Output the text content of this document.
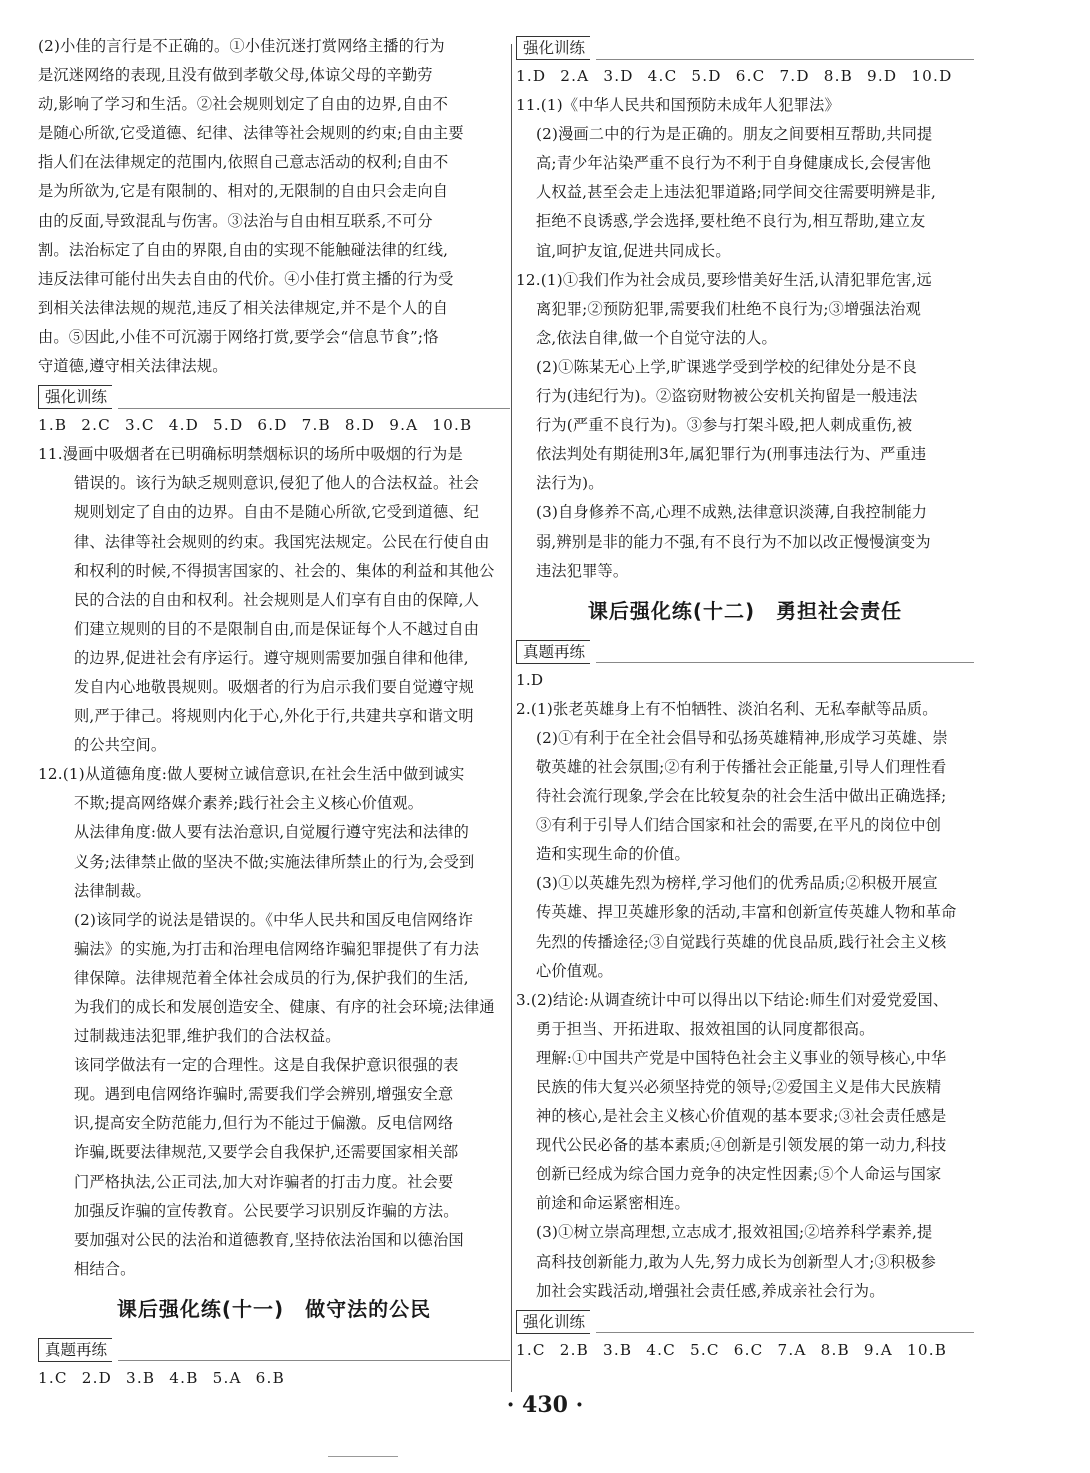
(2)小佳的言行是不正确的。①小佳沉迷打赏网络主播的行为
是沉迷网络的表现,且没有做到孝敬父母,体谅父母的辛勤劳
动,影响了学习和生活。②社会规则划定了自由的边界,自由不
是随心所欲,它受道德、纪律、法律等社会规则的约束;自由主要
指人们在法律规定的范围内,依照自己意志活动的权利;自由不
是为所欲为,它是有限制的、相对的,无限制的自由只会走向自
由的反面,导致混乱与伤害。③法治与自由相互联系,不可分
割。法治标定了自由的界限,自由的实现不能触碰法律的红线,
违反法律可能付出失去自由的代价。④小佳打赏主播的行为受
到相关法律法规的规范,违反了相关法律规定,并不是个人的自
由。⑤因此,小佳不可沉溺于网络打赏,要学会“信息节食”;恪
守道德,遵守相关法律法规。
强化训练
1.B 2.C 3.C 4.D 5.D 6.D 7.B 8.D 9.A 10.B
11.漫画中吸烟者在已明确标明禁烟标识的场所中吸烟的行为是
错误的。该行为缺乏规则意识,侵犯了他人的合法权益。社会
规则划定了自由的边界。自由不是随心所欲,它受到道德、纪
律、法律等社会规则的约束。我国宪法规定。公民在行使自由
和权利的时候,不得损害国家的、社会的、集体的利益和其他公
民的合法的自由和权利。社会规则是人们享有自由的保障,人
们建立规则的目的不是限制自由,而是保证每个人不越过自由
的边界,促进社会有序运行。遵守规则需要加强自律和他律,
发自内心地敬畏规则。吸烟者的行为启示我们要自觉遵守规
则,严于律己。将规则内化于心,外化于行,共建共享和谐文明
的公共空间。
12.(1)从道德角度:做人要树立诚信意识,在社会生活中做到诚实
不欺;提高网络媒介素养;践行社会主义核心价值观。
从法律角度:做人要有法治意识,自觉履行遵守宪法和法律的
义务;法律禁止做的坚决不做;实施法律所禁止的行为,会受到
法律制裁。
(2)该同学的说法是错误的。《中华人民共和国反电信网络诈
骗法》的实施,为打击和治理电信网络诈骗犯罪提供了有力法
律保障。法律规范着全体社会成员的行为,保护我们的生活,
为我们的成长和发展创造安全、健康、有序的社会环境;法律通
过制裁违法犯罪,维护我们的合法权益。
该同学做法有一定的合理性。这是自我保护意识很强的表
现。遇到电信网络诈骗时,需要我们学会辨别,增强安全意
识,提高安全防范能力,但行为不能过于偏激。反电信网络
诈骗,既要法律规范,又要学会自我保护,还需要国家相关部
门严格执法,公正司法,加大对诈骗者的打击力度。社会要
加强反诈骗的宣传教育。公民要学习识别反诈骗的方法。
要加强对公民的法治和道德教育,坚持依法治国和以德治国
相结合。
课后强化练(十一)　做守法的公民
真题再练
1.C 2.D 3.B 4.B 5.A 6.B
强化训练
1.D 2.A 3.D 4.C 5.D 6.C 7.D 8.B 9.D 10.D
11.(1)《中华人民共和国预防未成年人犯罪法》
(2)漫画二中的行为是正确的。朋友之间要相互帮助,共同提
高;青少年沾染严重不良行为不利于自身健康成长,会侵害他
人权益,甚至会走上违法犯罪道路;同学间交往需要明辨是非,
拒绝不良诱惑,学会选择,要杜绝不良行为,相互帮助,建立友
谊,呵护友谊,促进共同成长。
12.(1)①我们作为社会成员,要珍惜美好生活,认清犯罪危害,远
离犯罪;②预防犯罪,需要我们杜绝不良行为;③增强法治观
念,依法自律,做一个自觉守法的人。
(2)①陈某无心上学,旷课逃学受到学校的纪律处分是不良
行为(违纪行为)。②盗窃财物被公安机关拘留是一般违法
行为(严重不良行为)。③参与打架斗殴,把人刺成重伤,被
依法判处有期徒刑3年,属犯罪行为(刑事违法行为、严重违
法行为)。
(3)自身修养不高,心理不成熟,法律意识淡薄,自我控制能力
弱,辨别是非的能力不强,有不良行为不加以改正慢慢演变为
违法犯罪等。
课后强化练(十二)　勇担社会责任
真题再练
1.D
2.(1)张老英雄身上有不怕牺牲、淡泊名利、无私奉献等品质。
(2)①有利于在全社会倡导和弘扬英雄精神,形成学习英雄、崇
敬英雄的社会氛围;②有利于传播社会正能量,引导人们理性看
待社会流行现象,学会在比较复杂的社会生活中做出正确选择;
③有利于引导人们结合国家和社会的需要,在平凡的岗位中创
造和实现生命的价值。
(3)①以英雄先烈为榜样,学习他们的优秀品质;②积极开展宣
传英雄、捍卫英雄形象的活动,丰富和创新宣传英雄人物和革命
先烈的传播途径;③自觉践行英雄的优良品质,践行社会主义核
心价值观。
3.(2)结论:从调查统计中可以得出以下结论:师生们对爱党爱国、
勇于担当、开拓进取、报效祖国的认同度都很高。
理解:①中国共产党是中国特色社会主义事业的领导核心,中华
民族的伟大复兴必须坚持党的领导;②爱国主义是伟大民族精
神的核心,是社会主义核心价值观的基本要求;③社会责任感是
现代公民必备的基本素质;④创新是引领发展的第一动力,科技
创新已经成为综合国力竞争的决定性因素;⑤个人命运与国家
前途和命运紧密相连。
(3)①树立崇高理想,立志成才,报效祖国;②培养科学素养,提
高科技创新能力,敢为人先,努力成长为创新型人才;③积极参
加社会实践活动,增强社会责任感,养成亲社会行为。
强化训练
1.C 2.B 3.B 4.C 5.C 6.C 7.A 8.B 9.A 10.B
· 430 ·
